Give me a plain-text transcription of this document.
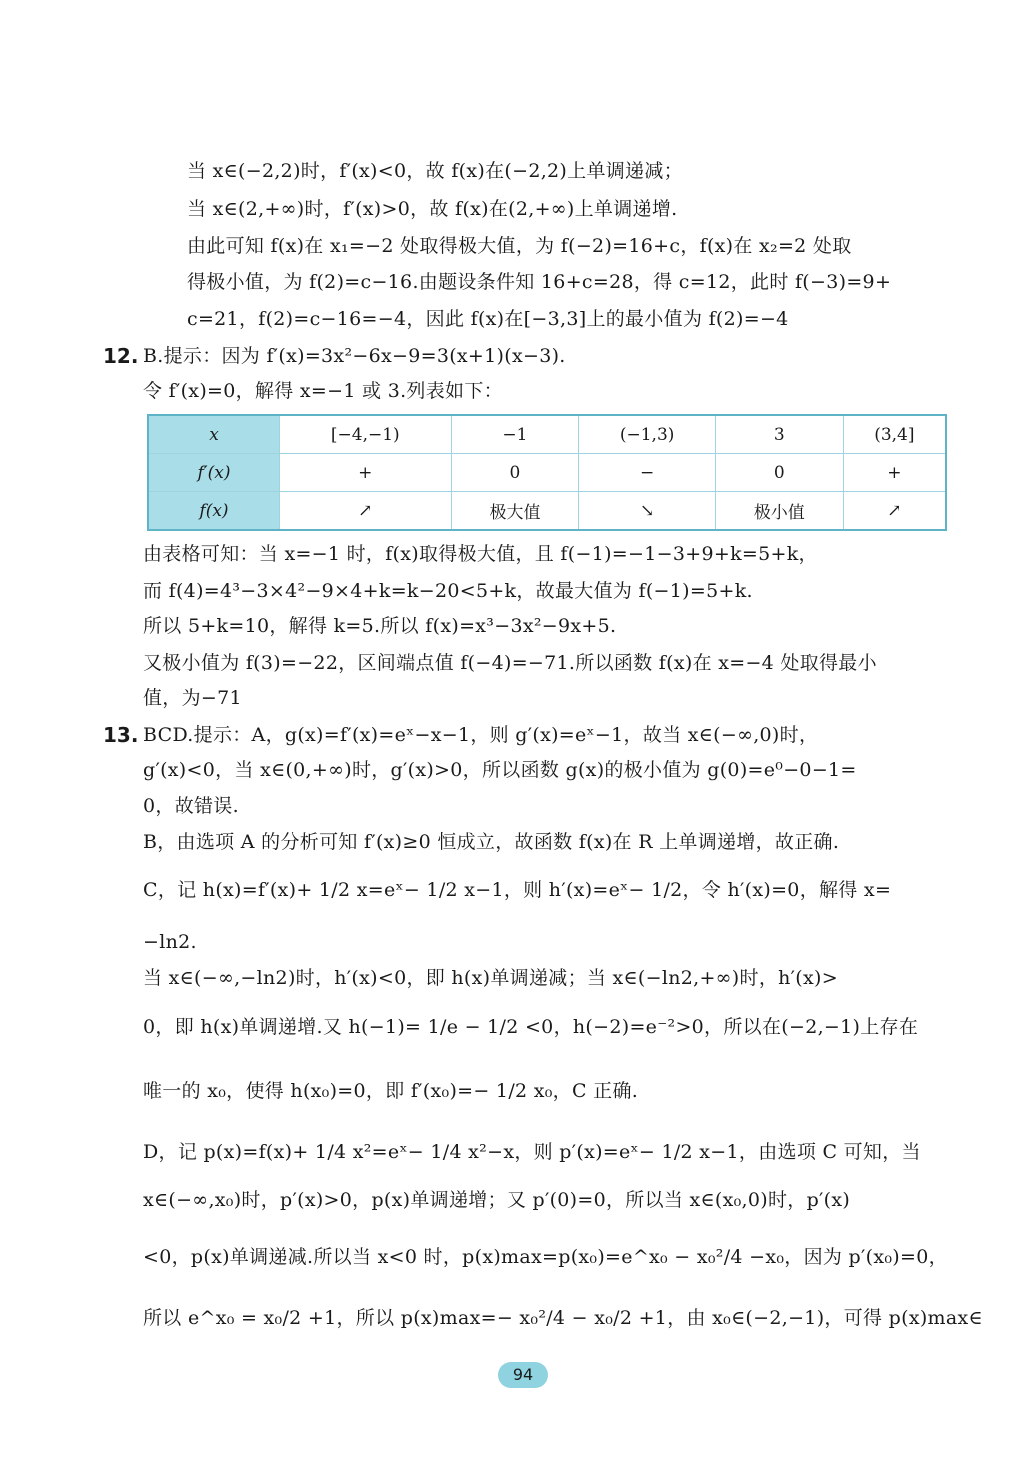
当 x∈(−2,2)时，f′(x)<0，故 f(x)在(−2,2)上单调递减；
当 x∈(2,+∞)时，f′(x)>0，故 f(x)在(2,+∞)上单调递增.
由此可知 f(x)在 x₁=−2 处取得极大值，为 f(−2)=16+c，f(x)在 x₂=2 处取
得极小值，为 f(2)=c−16.由题设条件知 16+c=28，得 c=12，此时 f(−3)=9+
c=21，f(2)=c−16=−4，因此 f(x)在[−3,3]上的最小值为 f(2)=−4
12. B.提示：因为 f′(x)=3x²−6x−9=3(x+1)(x−3).
令 f′(x)=0，解得 x=−1 或 3.列表如下：
x	[−4,−1)	−1	(−1,3)	3	(3,4]
f′(x)	+	0	−	0	+
f(x)	↗	极大值	↘	极小值	↗
由表格可知：当 x=−1 时，f(x)取得极大值，且 f(−1)=−1−3+9+k=5+k，
而 f(4)=4³−3×4²−9×4+k=k−20<5+k，故最大值为 f(−1)=5+k.
所以 5+k=10，解得 k=5.所以 f(x)=x³−3x²−9x+5.
又极小值为 f(3)=−22，区间端点值 f(−4)=−71.所以函数 f(x)在 x=−4 处取得最小
值，为−71
13. BCD.提示：A，g(x)=f′(x)=eˣ−x−1，则 g′(x)=eˣ−1，故当 x∈(−∞,0)时，
g′(x)<0，当 x∈(0,+∞)时，g′(x)>0，所以函数 g(x)的极小值为 g(0)=e⁰−0−1=
0，故错误.
B，由选项 A 的分析可知 f′(x)≥0 恒成立，故函数 f(x)在 R 上单调递增，故正确.
C，记 h(x)=f′(x)+ 1/2 x=eˣ− 1/2 x−1，则 h′(x)=eˣ− 1/2，令 h′(x)=0，解得 x=
−ln2.
当 x∈(−∞,−ln2)时，h′(x)<0，即 h(x)单调递减；当 x∈(−ln2,+∞)时，h′(x)>
0，即 h(x)单调递增.又 h(−1)= 1/e − 1/2 <0，h(−2)=e⁻²>0，所以在(−2,−1)上存在
唯一的 x₀，使得 h(x₀)=0，即 f′(x₀)=− 1/2 x₀，C 正确.
D，记 p(x)=f(x)+ 1/4 x²=eˣ− 1/4 x²−x，则 p′(x)=eˣ− 1/2 x−1，由选项 C 可知，当
x∈(−∞,x₀)时，p′(x)>0，p(x)单调递增；又 p′(0)=0，所以当 x∈(x₀,0)时，p′(x)
<0，p(x)单调递减.所以当 x<0 时，p(x)max=p(x₀)=e^x₀ − x₀²/4 −x₀，因为 p′(x₀)=0，
所以 e^x₀ = x₀/2 +1，所以 p(x)max=− x₀²/4 − x₀/2 +1，由 x₀∈(−2,−1)，可得 p(x)max∈
94
